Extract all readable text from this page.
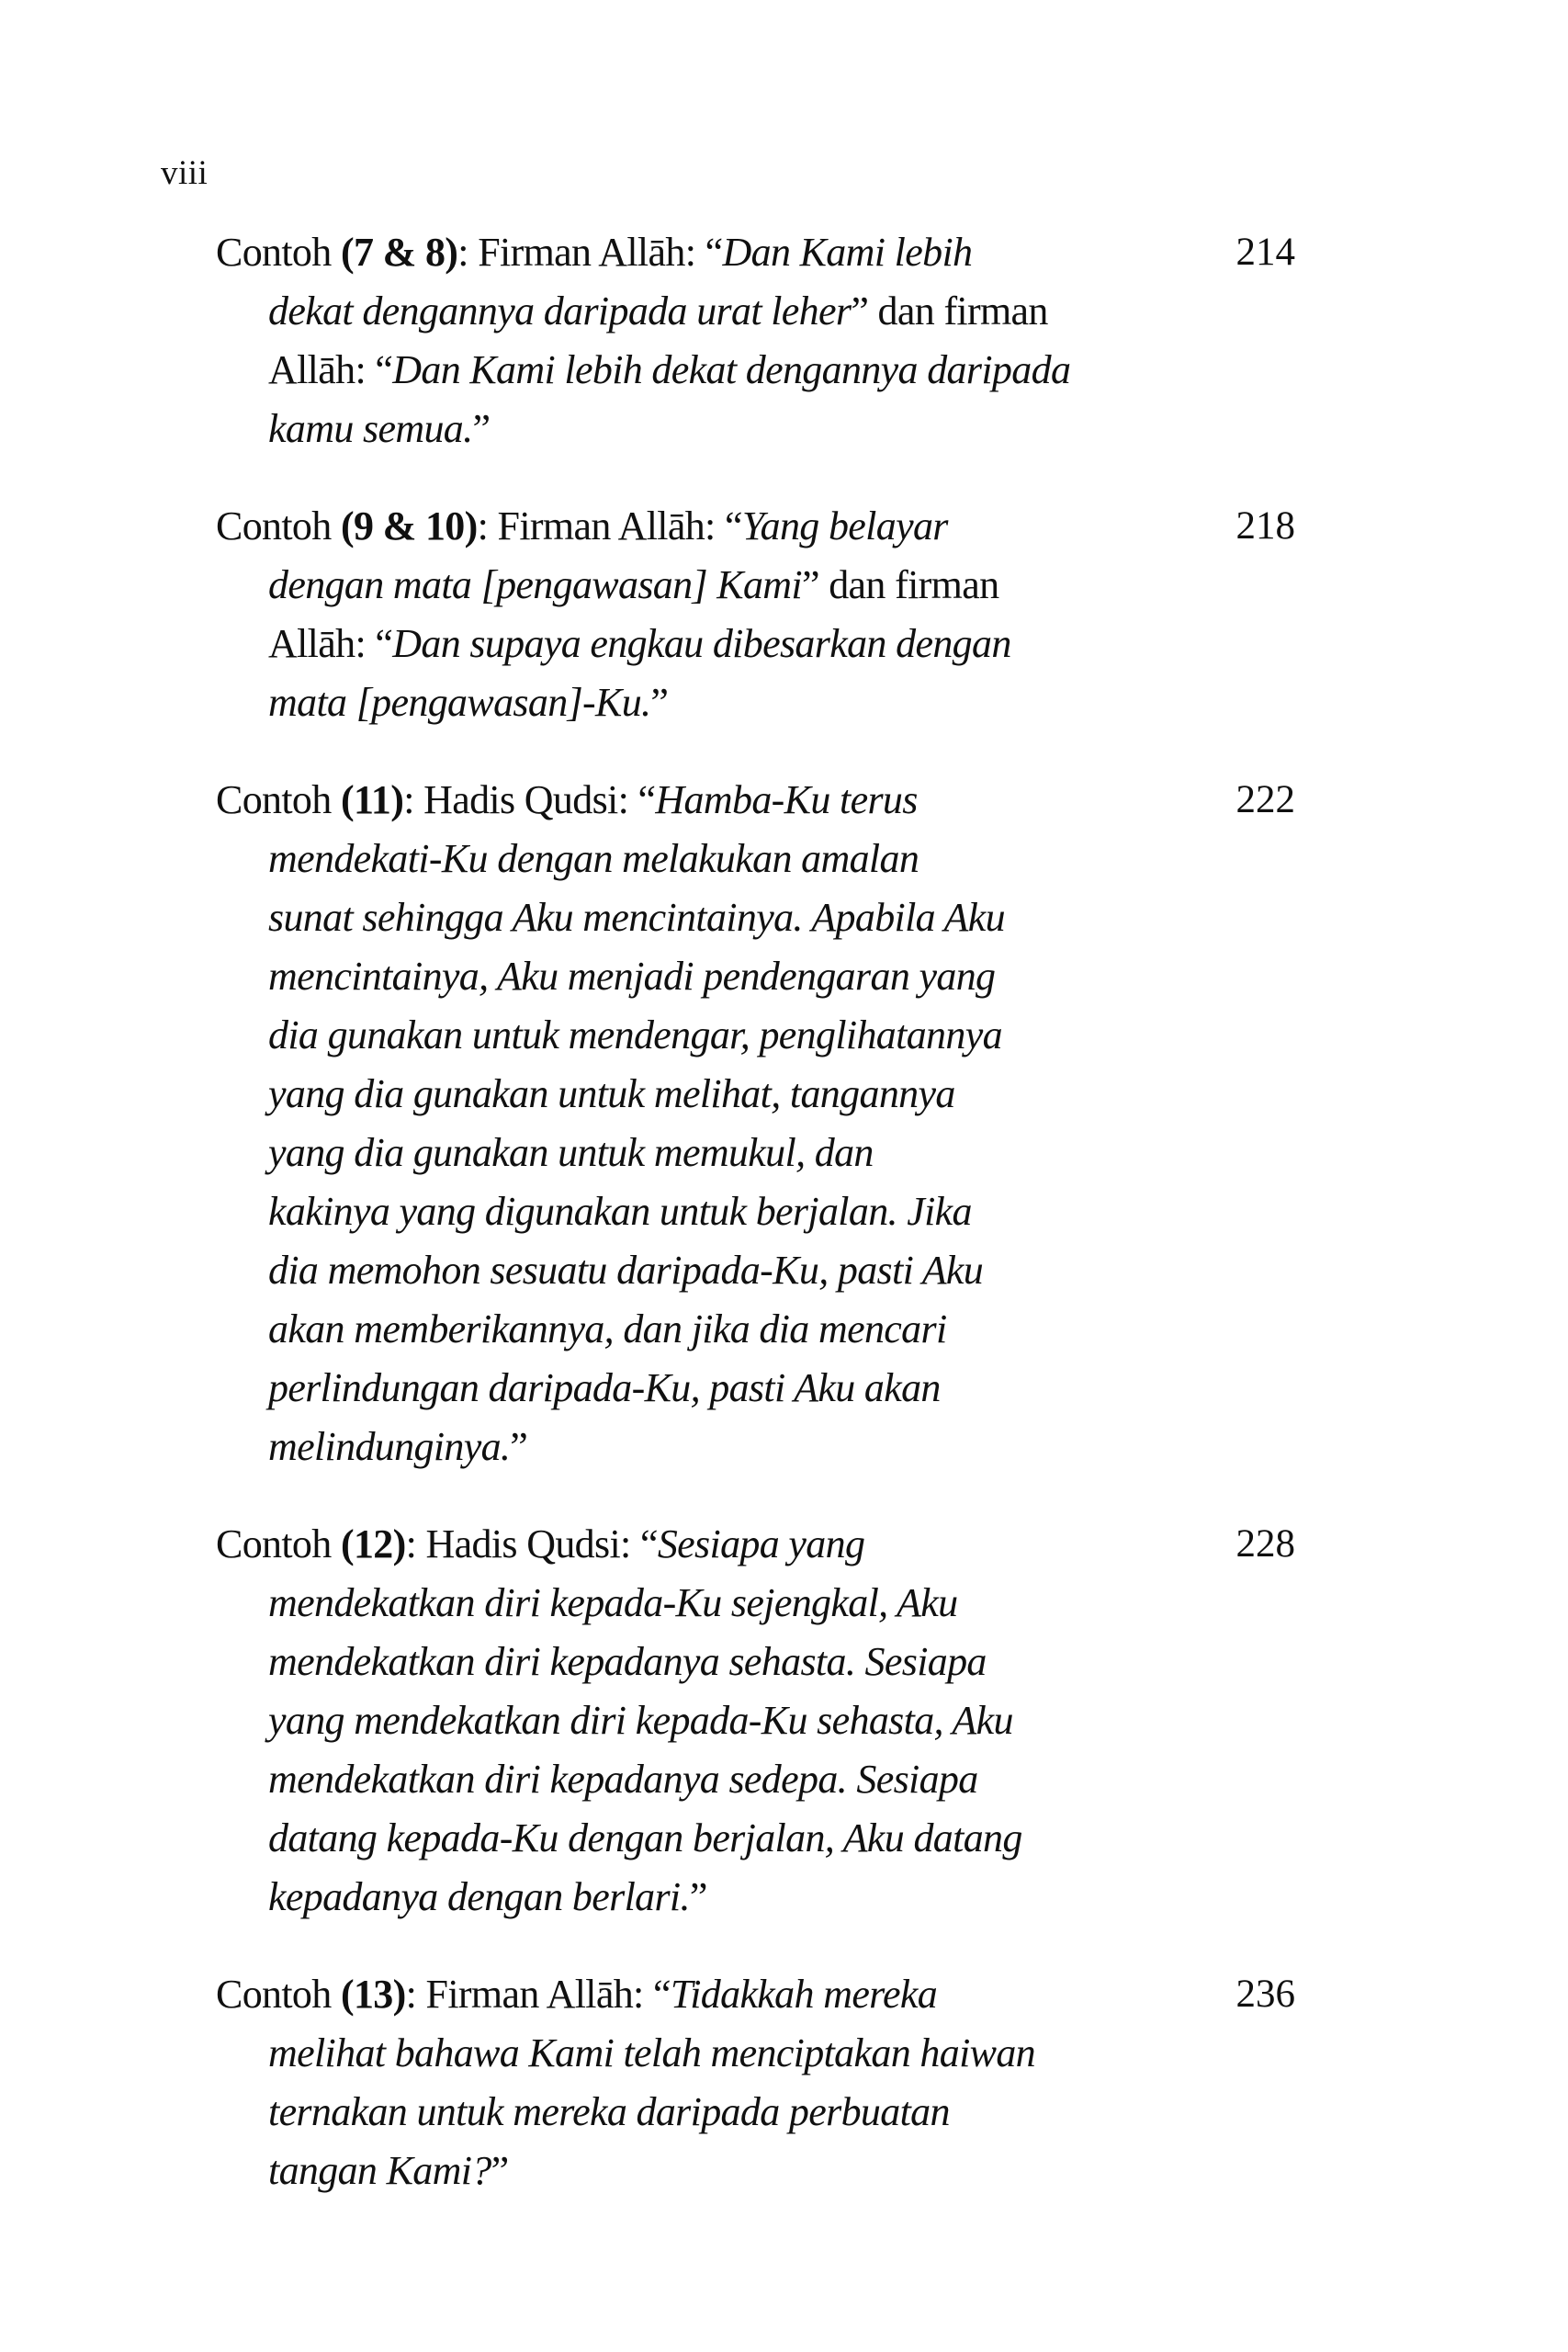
viii
Contoh (7 & 8): Firman Allāh: “Dan Kami lebih
dekat dengannya daripada urat leher” dan firman
Allāh: “Dan Kami lebih dekat dengannya daripada
kamu semua.”
214
Contoh (9 & 10): Firman Allāh: “Yang belayar
dengan mata [pengawasan] Kami” dan firman
Allāh: “Dan supaya engkau dibesarkan dengan
mata [pengawasan]-Ku.”
218
Contoh (11): Hadis Qudsi: “Hamba-Ku terus
mendekati-Ku dengan melakukan amalan
sunat sehingga Aku mencintainya. Apabila Aku
mencintainya, Aku menjadi pendengaran yang
dia gunakan untuk mendengar, penglihatannya
yang dia gunakan untuk melihat, tangannya
yang dia gunakan untuk memukul, dan
kakinya yang digunakan untuk berjalan. Jika
dia memohon sesuatu daripada-Ku, pasti Aku
akan memberikannya, dan jika dia mencari
perlindungan daripada-Ku, pasti Aku akan
melindunginya.”
222
Contoh (12): Hadis Qudsi: “Sesiapa yang
mendekatkan diri kepada-Ku sejengkal, Aku
mendekatkan diri kepadanya sehasta. Sesiapa
yang mendekatkan diri kepada-Ku sehasta, Aku
mendekatkan diri kepadanya sedepa. Sesiapa
datang kepada-Ku dengan berjalan, Aku datang
kepadanya dengan berlari.”
228
Contoh (13): Firman Allāh: “Tidakkah mereka
melihat bahawa Kami telah menciptakan haiwan
ternakan untuk mereka daripada perbuatan
tangan Kami?”
236
